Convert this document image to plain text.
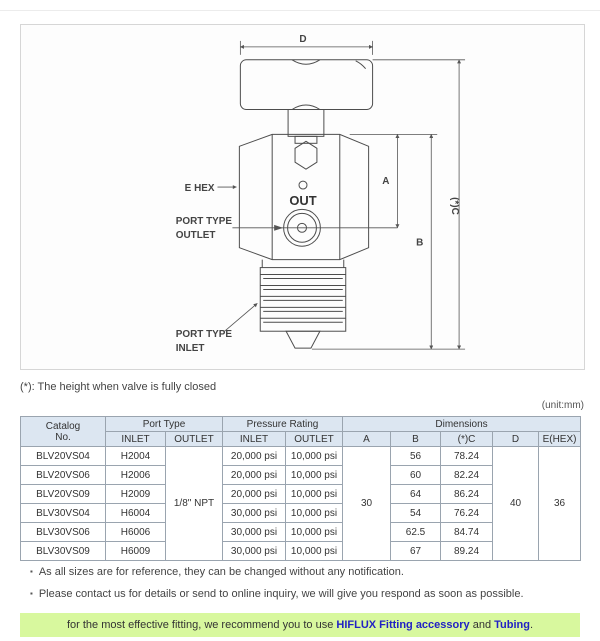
D
OUT
E HEX
PORT TYPE
OUTLET
PORT TYPE
INLET
A
B
(*)C
(*): The height when valve is fully closed
(unit:mm)
Catalog
No.	Port Type		Pressure Rating		Dimensions				
	INLET	OUTLET	INLET	OUTLET	A	B	(*)C	D	E(HEX)
BLV20VS04	H2004	1/8" NPT	20,000 psi	10,000 psi	30	56	78.24	40	36
BLV20VS06	H2006		20,000 psi	10,000 psi		60	82.24		
BLV20VS09	H2009		20,000 psi	10,000 psi		64	86.24		
BLV30VS04	H6004		30,000 psi	10,000 psi		54	76.24		
BLV30VS06	H6006		30,000 psi	10,000 psi		62.5	84.74		
BLV30VS09	H6009		30,000 psi	10,000 psi		67	89.24		
▪ As all sizes are for reference, they can be changed without any notification.
▪ Please contact us for details or send to online inquiry, we will give you respond as soon as possible.
for the most effective fitting, we recommend you to use HIFLUX Fitting accessory and Tubing.
